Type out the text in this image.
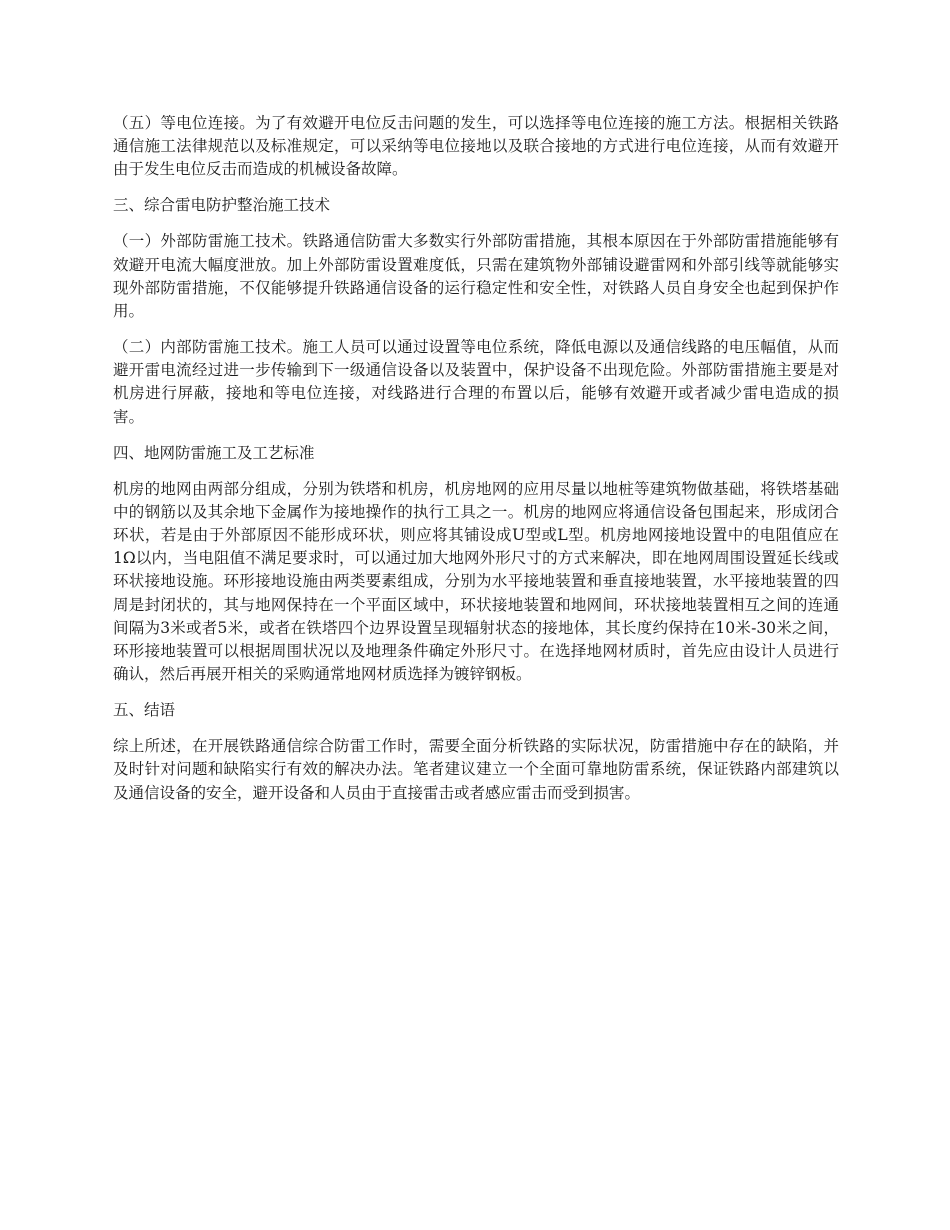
（五）等电位连接。为了有效避开电位反击问题的发生，可以选择等电位连接的施工方法。根据相关铁路通信施工法律规范以及标准规定，可以采纳等电位接地以及联合接地的方式进行电位连接，从而有效避开由于发生电位反击而造成的机械设备故障。

三、综合雷电防护整治施工技术

（一）外部防雷施工技术。铁路通信防雷大多数实行外部防雷措施，其根本原因在于外部防雷措施能够有效避开电流大幅度泄放。加上外部防雷设置难度低，只需在建筑物外部铺设避雷网和外部引线等就能够实现外部防雷措施，不仅能够提升铁路通信设备的运行稳定性和安全性，对铁路人员自身安全也起到保护作用。

（二）内部防雷施工技术。施工人员可以通过设置等电位系统，降低电源以及通信线路的电压幅值，从而避开雷电流经过进一步传输到下一级通信设备以及装置中，保护设备不出现危险。外部防雷措施主要是对机房进行屏蔽，接地和等电位连接，对线路进行合理的布置以后，能够有效避开或者减少雷电造成的损害。

四、地网防雷施工及工艺标准

机房的地网由两部分组成，分别为铁塔和机房，机房地网的应用尽量以地桩等建筑物做基础，将铁塔基础中的钢筋以及其余地下金属作为接地操作的执行工具之一。机房的地网应将通信设备包围起来，形成闭合环状，若是由于外部原因不能形成环状，则应将其铺设成U型或L型。机房地网接地设置中的电阻值应在1Ω以内，当电阻值不满足要求时，可以通过加大地网外形尺寸的方式来解决，即在地网周围设置延长线或环状接地设施。环形接地设施由两类要素组成，分别为水平接地装置和垂直接地装置，水平接地装置的四周是封闭状的，其与地网保持在一个平面区域中，环状接地装置和地网间，环状接地装置相互之间的连通间隔为3米或者5米，或者在铁塔四个边界设置呈现辐射状态的接地体，其长度约保持在10米-30米之间，环形接地装置可以根据周围状况以及地理条件确定外形尺寸。在选择地网材质时，首先应由设计人员进行确认，然后再展开相关的采购通常地网材质选择为镀锌钢板。

五、结语

综上所述，在开展铁路通信综合防雷工作时，需要全面分析铁路的实际状况，防雷措施中存在的缺陷，并及时针对问题和缺陷实行有效的解决办法。笔者建议建立一个全面可靠地防雷系统，保证铁路内部建筑以及通信设备的安全，避开设备和人员由于直接雷击或者感应雷击而受到损害。
